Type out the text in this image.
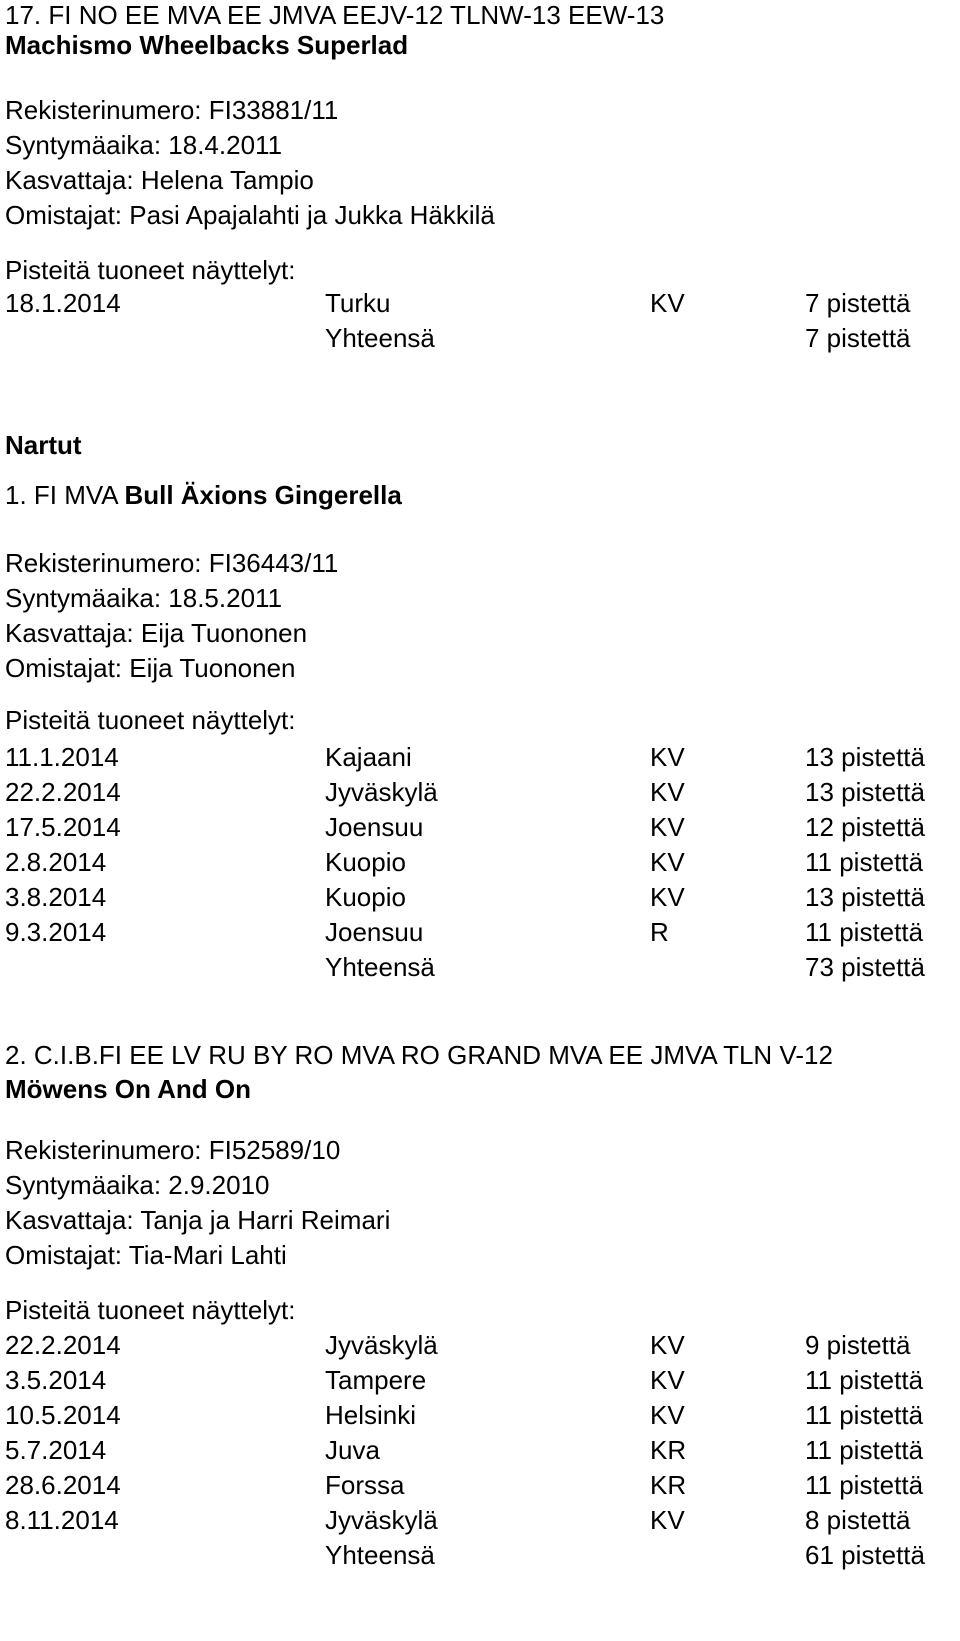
17. FI NO EE MVA EE JMVA EEJV-12 TLNW-13 EEW-13
Machismo Wheelbacks Superlad
Rekisterinumero: FI33881/11
Syntymäaika: 18.4.2011
Kasvattaja: Helena Tampio
Omistajat: Pasi Apajalahti ja Jukka Häkkilä
Pisteitä tuoneet näyttelyt:
18.1.2014	Turku	KV	7 pistettä
Yhteensä	7 pistettä
Nartut
1. FI MVA Bull Äxions Gingerella
Rekisterinumero: FI36443/11
Syntymäaika: 18.5.2011
Kasvattaja: Eija Tuononen
Omistajat: Eija Tuononen
Pisteitä tuoneet näyttelyt:
11.1.2014	Kajaani	KV	13 pistettä
22.2.2014	Jyväskylä	KV	13 pistettä
17.5.2014	Joensuu	KV	12 pistettä
2.8.2014	Kuopio	KV	11 pistettä
3.8.2014	Kuopio	KV	13 pistettä
9.3.2014	Joensuu	R	11 pistettä
Yhteensä	73 pistettä
2. C.I.B.FI EE LV RU BY RO MVA RO GRAND MVA EE JMVA TLN V-12
Möwens On And On
Rekisterinumero: FI52589/10
Syntymäaika: 2.9.2010
Kasvattaja: Tanja ja Harri Reimari
Omistajat: Tia-Mari Lahti
Pisteitä tuoneet näyttelyt:
22.2.2014	Jyväskylä	KV	9 pistettä
3.5.2014	Tampere	KV	11 pistettä
10.5.2014	Helsinki	KV	11 pistettä
5.7.2014	Juva	KR	11 pistettä
28.6.2014	Forssa	KR	11 pistettä
8.11.2014	Jyväskylä	KV	8 pistettä
Yhteensä	61 pistettä
